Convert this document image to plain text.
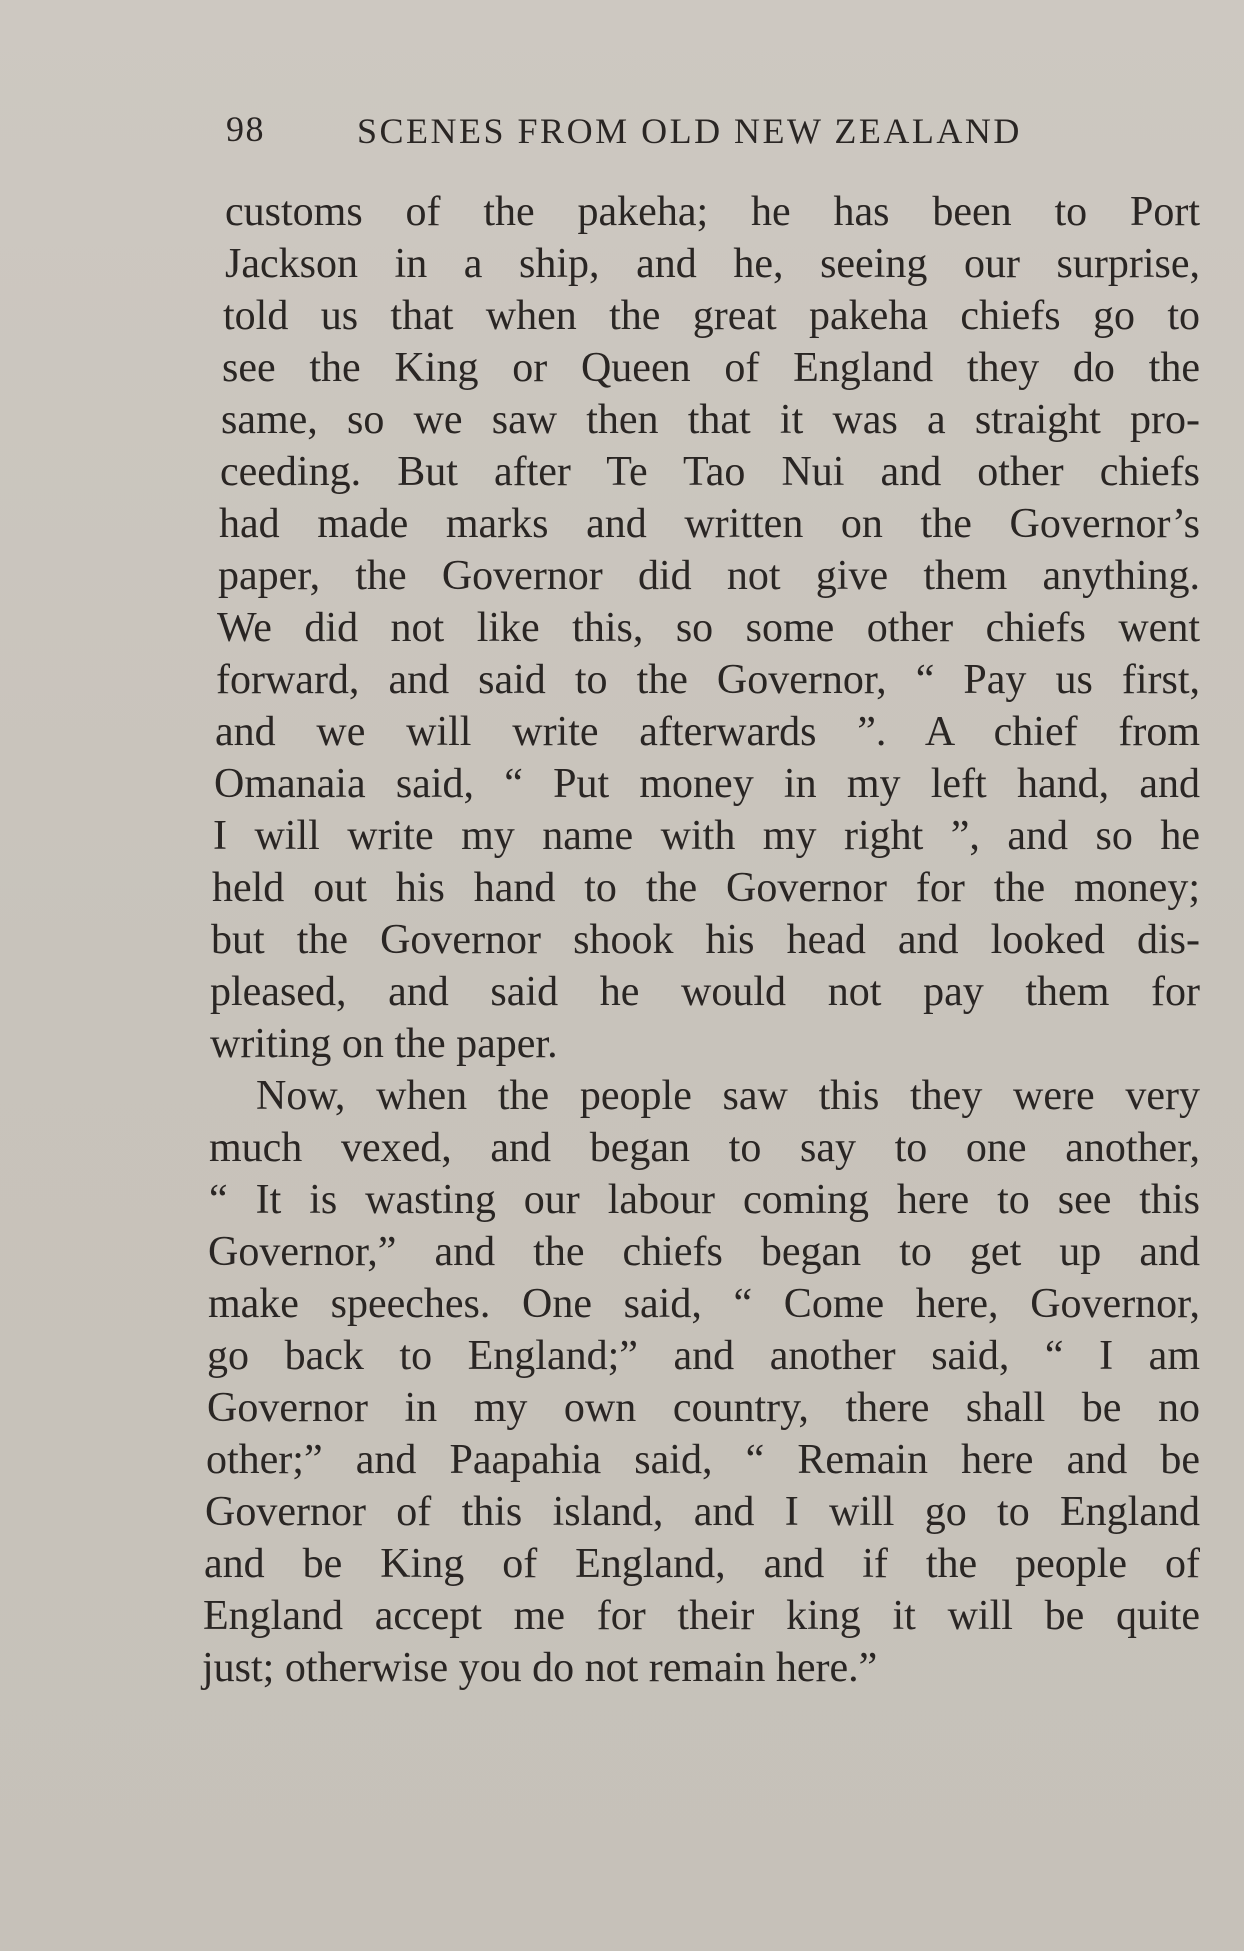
98	SCENES FROM OLD NEW ZEALAND
customs of the pakeha; he has been to Port
Jackson in a ship, and he, seeing our surprise,
told us that when the great pakeha chiefs go to
see the King or Queen of England they do the
same, so we saw then that it was a straight pro-
ceeding. But after Te Tao Nui and other chiefs
had made marks and written on the Governor’s
paper, the Governor did not give them anything.
We did not like this, so some other chiefs went
forward, and said to the Governor, “ Pay us first,
and we will write afterwards ”. A chief from
Omanaia said, “ Put money in my left hand, and
I will write my name with my right ”, and so he
held out his hand to the Governor for the money;
but the Governor shook his head and looked dis-
pleased, and said he would not pay them for
writing on the paper.
Now, when the people saw this they were very
much vexed, and began to say to one another,
“ It is wasting our labour coming here to see this
Governor,” and the chiefs began to get up and
make speeches. One said, “ Come here, Governor,
go back to England;” and another said, “ I am
Governor in my own country, there shall be no
other;” and Paapahia said, “ Remain here and be
Governor of this island, and I will go to England
and be King of England, and if the people of
England accept me for their king it will be quite
just; otherwise you do not remain here.”
